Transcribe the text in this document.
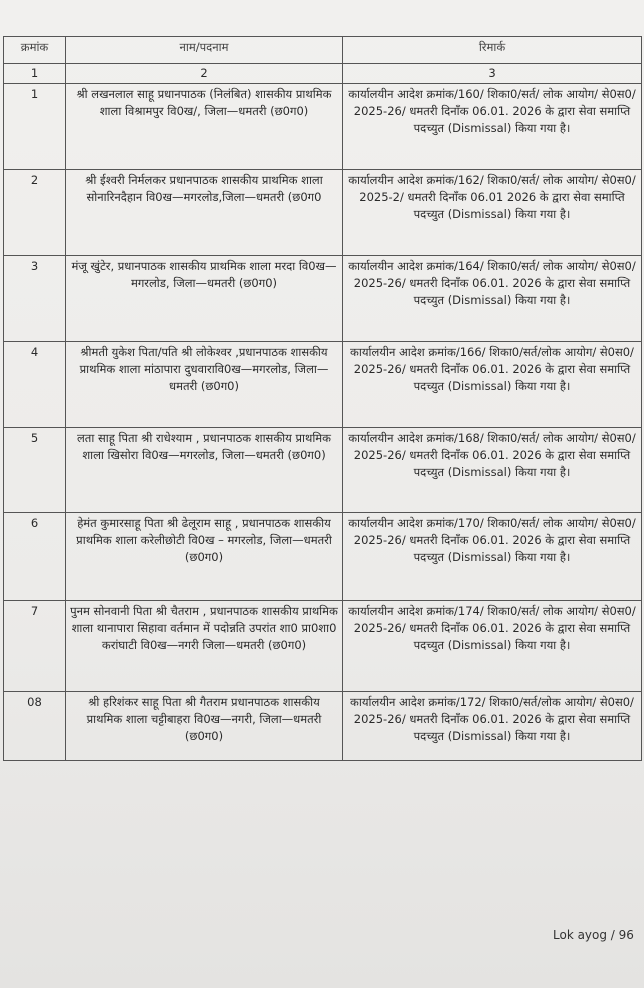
क्रमांक	नाम/पदनाम	रिमार्क
1	2	3
1	श्री लखनलाल साहू प्रधानपाठक (निलंबित) शासकीय प्राथमिक शाला विश्रामपुर वि0ख/, जिला—धमतरी (छ0ग0)	कार्यालयीन आदेश क्रमांक/160/ शिका0/सर्त/ लोक आयोग/ से0स0/ 2025-26/ धमतरी दिनाँक 06.01. 2026 के द्वारा सेवा समाप्ति पदच्युत (Dismissal) किया गया है।
2	श्री ईश्वरी निर्मलकर प्रधानपाठक शासकीय प्राथमिक शाला सोनारिनदैहान वि0ख—मगरलोड,जिला—धमतरी (छ0ग0	कार्यालयीन आदेश क्रमांक/162/ शिका0/सर्त/ लोक आयोग/ से0स0/ 2025-2/ धमतरी दिनाँक 06.01 2026 के द्वारा सेवा समाप्ति पदच्युत (Dismissal) किया गया है।
3	मंजू खुंटेर, प्रधानपाठक शासकीय प्राथमिक शाला मरदा वि0ख—मगरलोड, जिला—धमतरी (छ0ग0)	कार्यालयीन आदेश क्रमांक/164/ शिका0/सर्त/ लोक आयोग/ से0स0/ 2025-26/ धमतरी दिनाँक 06.01. 2026 के द्वारा सेवा समाप्ति पदच्युत (Dismissal) किया गया है।
4	श्रीमती युकेश पिता/पति श्री लोकेश्वर ,प्रधानपाठक शासकीय प्राथमिक शाला मांठापारा दुधवारावि0ख—मगरलोड, जिला—धमतरी (छ0ग0)	कार्यालयीन आदेश क्रमांक/166/ शिका0/सर्त/लोक आयोग/ से0स0/ 2025-26/ धमतरी दिनाँक 06.01. 2026 के द्वारा सेवा समाप्ति पदच्युत (Dismissal) किया गया है।
5	लता साहू पिता श्री राधेश्याम , प्रधानपाठक शासकीय प्राथमिक शाला खिसोरा वि0ख—मगरलोड, जिला—धमतरी (छ0ग0)	कार्यालयीन आदेश क्रमांक/168/ शिका0/सर्त/ लोक आयोग/ से0स0/ 2025-26/ धमतरी दिनाँक 06.01. 2026 के द्वारा सेवा समाप्ति पदच्युत (Dismissal) किया गया है।
6	हेमंत कुमारसाहू पिता श्री ढेलूराम साहू , प्रधानपाठक शासकीय प्राथमिक शाला करेलीछोटी वि0ख – मगरलोड, जिला—धमतरी (छ0ग0)	कार्यालयीन आदेश क्रमांक/170/ शिका0/सर्त/ लोक आयोग/ से0स0/ 2025-26/ धमतरी दिनाँक 06.01. 2026 के द्वारा सेवा समाप्ति पदच्युत (Dismissal) किया गया है।
7	पुनम सोनवानी पिता श्री चैतराम , प्रधानपाठक शासकीय प्राथमिक शाला थानापारा सिहावा वर्तमान में पदोन्नति उपरांत शा0 प्रा0शा0 करांघाटी वि0ख—नगरी जिला—धमतरी (छ0ग0)	कार्यालयीन आदेश क्रमांक/174/ शिका0/सर्त/ लोक आयोग/ से0स0/ 2025-26/ धमतरी दिनाँक 06.01. 2026 के द्वारा सेवा समाप्ति पदच्युत (Dismissal) किया गया है।
08	श्री हरिशंकर साहू पिता श्री गैतराम प्रधानपाठक शासकीय प्राथमिक शाला चट्टीबाहरा वि0ख—नगरी, जिला—धमतरी (छ0ग0)	कार्यालयीन आदेश क्रमांक/172/ शिका0/सर्त/लोक आयोग/ से0स0/ 2025-26/ धमतरी दिनाँक 06.01. 2026 के द्वारा सेवा समाप्ति पदच्युत (Dismissal) किया गया है।
Lok ayog / 96
